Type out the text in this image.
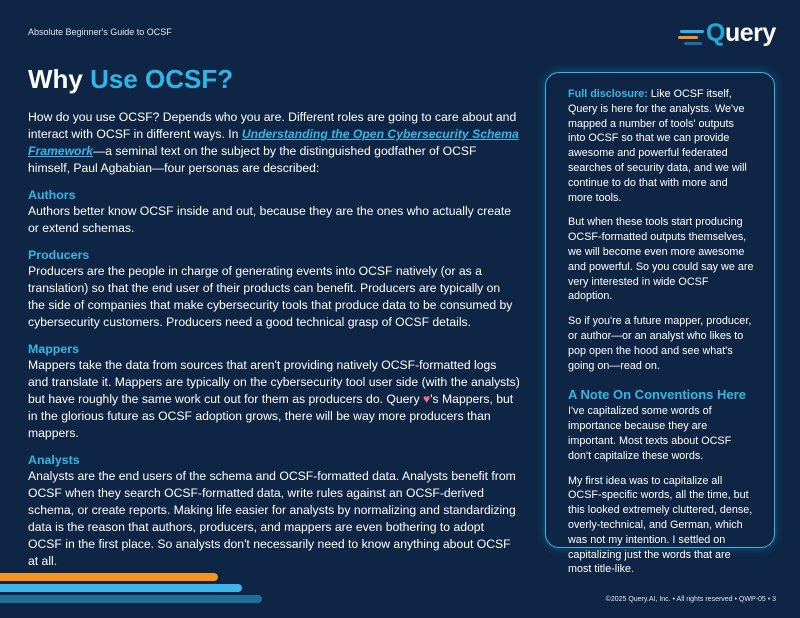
Absolute Beginner's Guide to OCSF	Query
Why Use OCSF?
How do you use OCSF? Depends who you are. Different roles are going to care about and interact with OCSF in different ways. In Understanding the Open Cybersecurity Schema Framework—a seminal text on the subject by the distinguished godfather of OCSF himself, Paul Agbabian—four personas are described:
Authors
Authors better know OCSF inside and out, because they are the ones who actually create or extend schemas.
Producers
Producers are the people in charge of generating events into OCSF natively (or as a translation) so that the end user of their products can benefit. Producers are typically on the side of companies that make cybersecurity tools that produce data to be consumed by cybersecurity customers. Producers need a good technical grasp of OCSF details.
Mappers
Mappers take the data from sources that aren't providing natively OCSF-formatted logs and translate it. Mappers are typically on the cybersecurity tool user side (with the analysts) but have roughly the same work cut out for them as producers do. Query ♥'s Mappers, but in the glorious future as OCSF adoption grows, there will be way more producers than mappers.
Analysts
Analysts are the end users of the schema and OCSF-formatted data. Analysts benefit from OCSF when they search OCSF-formatted data, write rules against an OCSF-derived schema, or create reports. Making life easier for analysts by normalizing and standardizing data is the reason that authors, producers, and mappers are even bothering to adopt OCSF in the first place. So analysts don't necessarily need to know anything about OCSF at all.

Full disclosure: Like OCSF itself, Query is here for the analysts. We've mapped a number of tools' outputs into OCSF so that we can provide awesome and powerful federated searches of security data, and we will continue to do that with more and more tools.

But when these tools start producing OCSF-formatted outputs themselves, we will become even more awesome and powerful. So you could say we are very interested in wide OCSF adoption.

So if you're a future mapper, producer, or author—or an analyst who likes to pop open the hood and see what's going on—read on.

A Note On Conventions Here

I've capitalized some words of importance because they are important. Most texts about OCSF don't capitalize these words.

My first idea was to capitalize all OCSF-specific words, all the time, but this looked extremely cluttered, dense, overly-technical, and German, which was not my intention. I settled on capitalizing just the words that are most title-like.

©2025 Query.AI, Inc. • All rights reserved • QWP-05 • 3
